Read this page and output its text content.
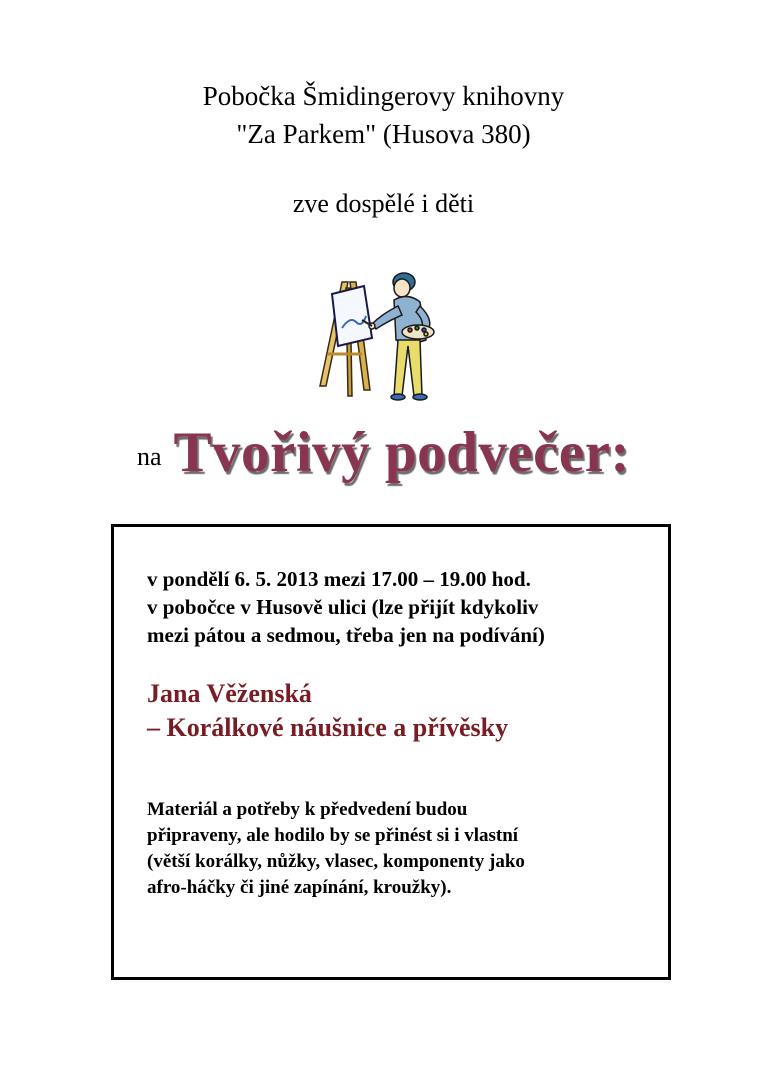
Pobočka Šmidingerovy knihovny
"Za Parkem" (Husova 380)
zve dospělé i děti
na Tvořivý podvečer:
v pondělí 6. 5. 2013 mezi 17.00 – 19.00 hod.
v pobočce v Husově ulici (lze přijít kdykoliv
mezi pátou a sedmou, třeba jen na podívání)
Jana Věženská
– Korálkové náušnice a přívěsky
Materiál a potřeby k předvedení budou
připraveny, ale hodilo by se přinést si i vlastní
(větší korálky, nůžky, vlasec, komponenty jako
afro-háčky či jiné zapínání, kroužky).
